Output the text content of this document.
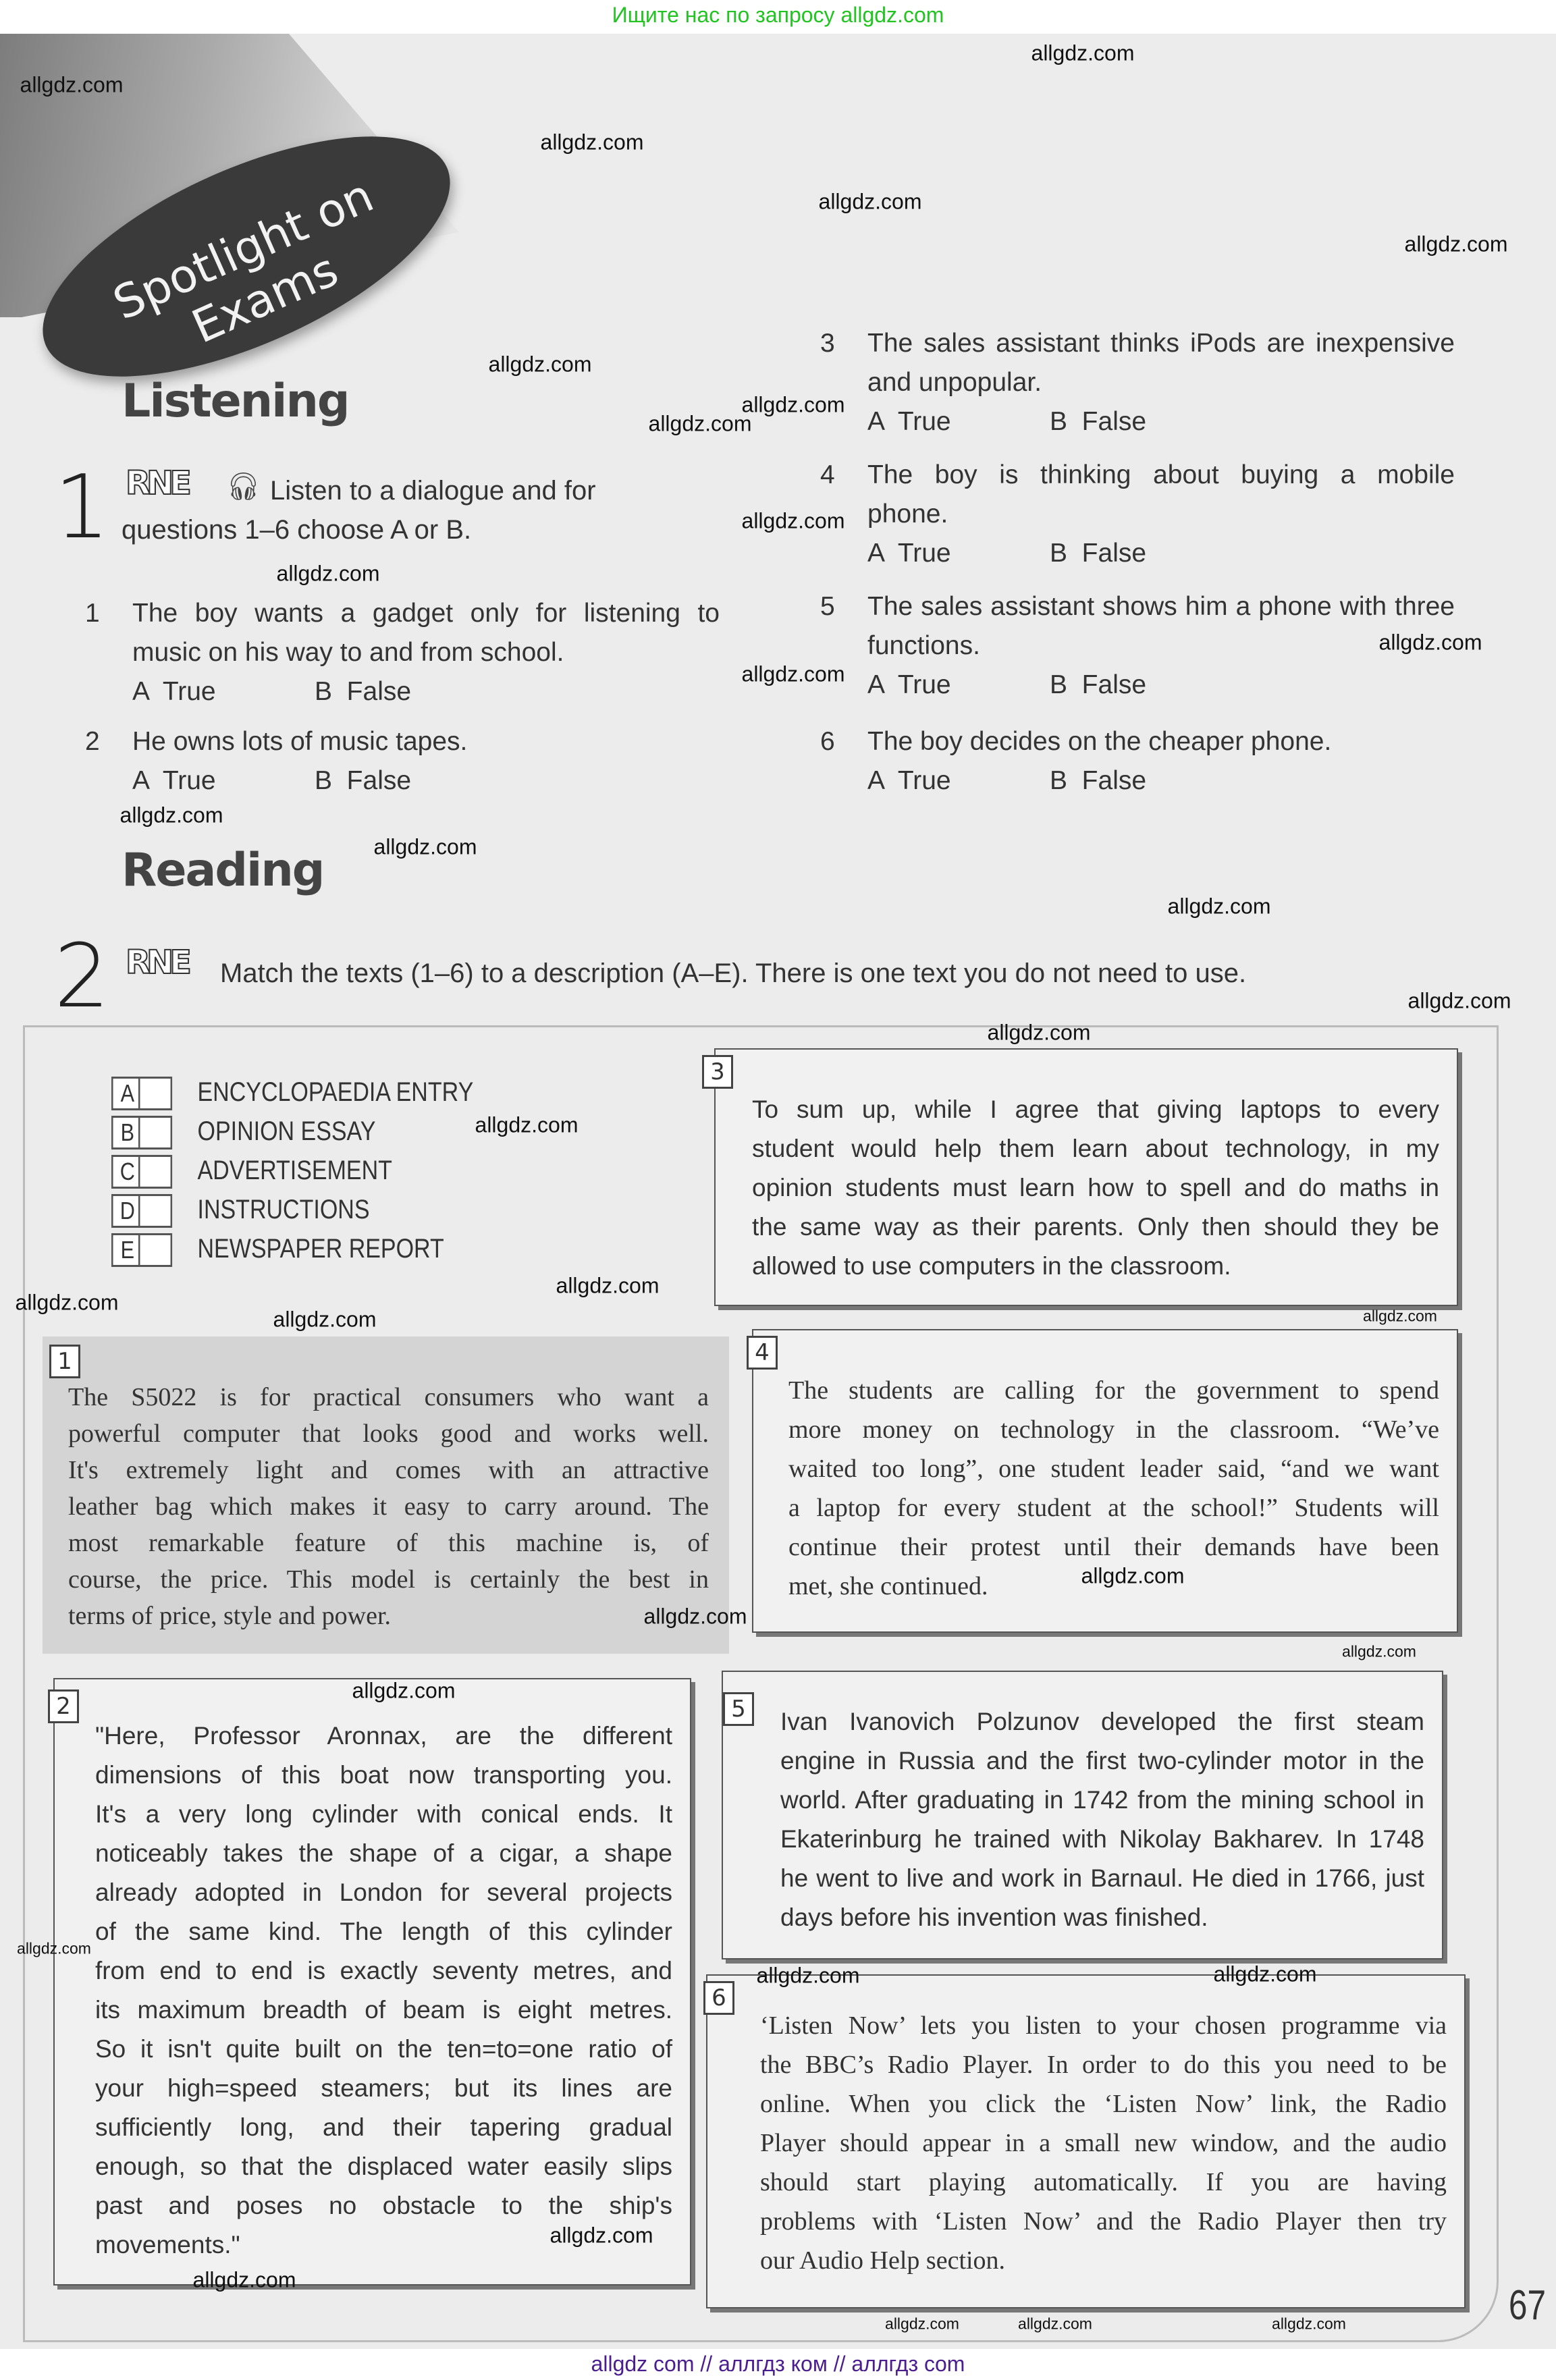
Ищите нас по запросу allgdz.com
Spotlight on Exams
Listening
1 RNE 🎧︎ Listen to a dialogue and for
questions 1–6 choose A or B.
Reading
2 RNE Match the texts (1–6) to a description (A–E). There is one text you do not need to use.
67
allgdz com // аллгдз ком // аллгдз com
allgdz.com
allgdz.com
allgdz.com
allgdz.com
allgdz.com
allgdz.com
allgdz.com
allgdz.com
allgdz.com
allgdz.com
allgdz.com
allgdz.com
allgdz.com
allgdz.com
allgdz.com
allgdz.com
allgdz.com
allgdz.com
allgdz.com
allgdz.com
allgdz.com
allgdz.com
allgdz.com
allgdz.com
allgdz.com
allgdz.com
allgdz.com
allgdz.com
allgdz.com
allgdz.com
allgdz.com
allgdz.com
allgdz.com
allgdz.com
1 The boy wants a gadget only for listening to
music on his way to and from school.
A  True	B  False
2 He owns lots of music tapes.
A  True	B  False
3 The sales assistant thinks iPods are inexpensive
and unpopular.
A  True	B  False
4 The boy is thinking about buying a mobile
phone.
A  True	B  False
5 The sales assistant shows him a phone with three
functions.
A  True	B  False
6 The boy decides on the cheaper phone.
A  True	B  False
A ENCYCLOPAEDIA ENTRY
B OPINION ESSAY
C ADVERTISEMENT
D INSTRUCTIONS
E NEWSPAPER REPORT
1
The S5022 is for practical consumers who want a
powerful computer that looks good and works well.
It's extremely light and comes with an attractive
leather bag which makes it easy to carry around. The
most remarkable feature of this machine is, of
course, the price. This model is certainly the best in
terms of price, style and power.
2
"Here, Professor Aronnax, are the different
dimensions of this boat now transporting you.
It's a very long cylinder with conical ends. It
noticeably takes the shape of a cigar, a shape
already adopted in London for several projects
of the same kind. The length of this cylinder
from end to end is exactly seventy metres, and
its maximum breadth of beam is eight metres.
So it isn't quite built on the ten=to=one ratio of
your high=speed steamers; but its lines are
sufficiently long, and their tapering gradual
enough, so that the displaced water easily slips
past and poses no obstacle to the ship's
movements."
3
To sum up, while I agree that giving laptops to every
student would help them learn about technology, in my
opinion students must learn how to spell and do maths in
the same way as their parents. Only then should they be
allowed to use computers in the classroom.
4
The students are calling for the government to spend
more money on technology in the classroom. “We’ve
waited too long”, one student leader said, “and we want
a laptop for every student at the school!” Students will
continue their protest until their demands have been
met, she continued.
5	Ivan Ivanovich Polzunov developed the first steam
engine in Russia and the first two-cylinder motor in the
world. After graduating in 1742 from the mining school in
Ekaterinburg he trained with Nikolay Bakharev. In 1748
he went to live and work in Barnaul. He died in 1766, just
days before his invention was finished.
6
‘Listen Now’ lets you listen to your chosen programme via
the BBC’s Radio Player. In order to do this you need to be
online. When you click the ‘Listen Now’ link, the Radio
Player should appear in a small new window, and the audio
should start playing automatically. If you are having
problems with ‘Listen Now’ and the Radio Player then try
our Audio Help section.
